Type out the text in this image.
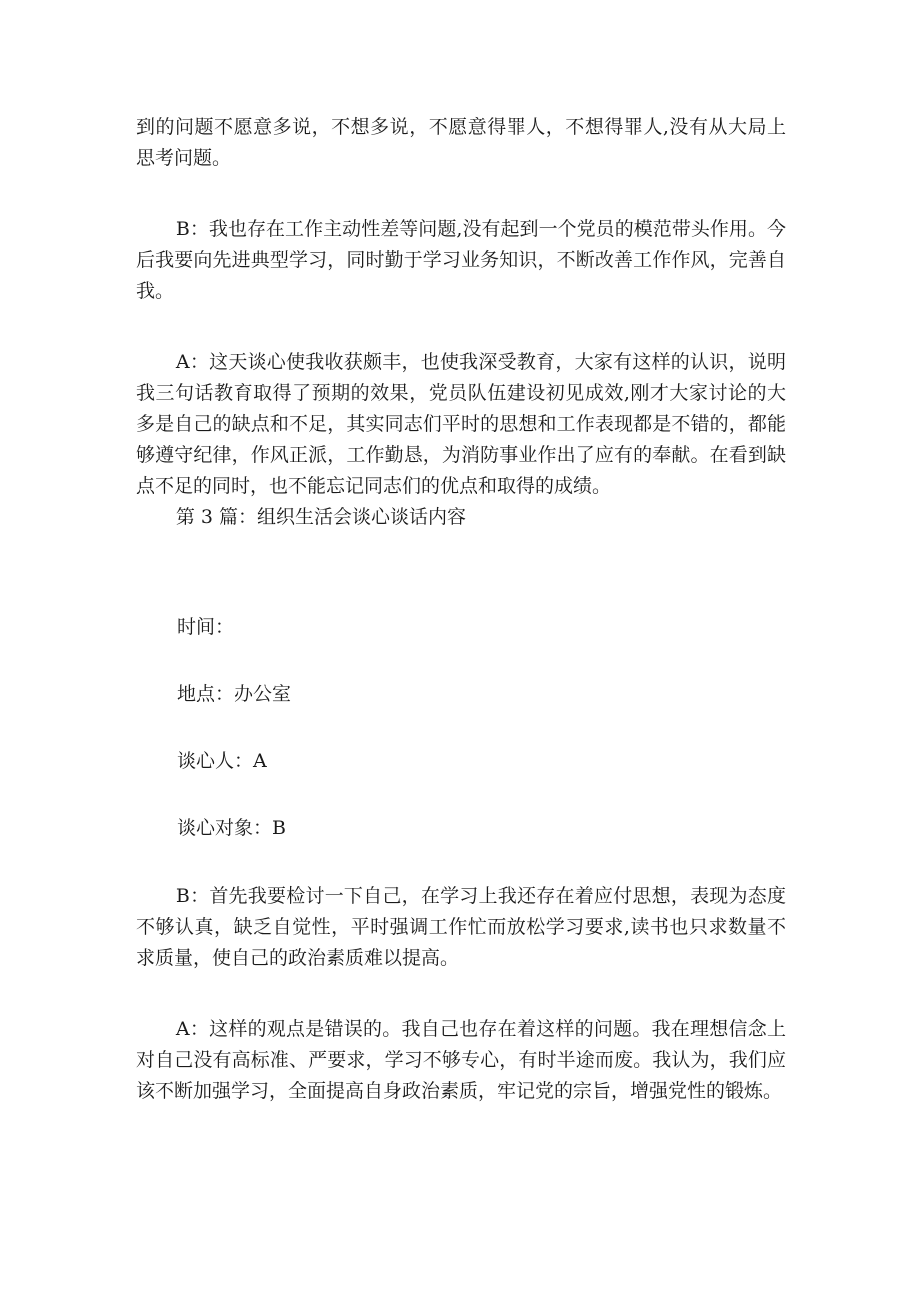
到的问题不愿意多说，不想多说，不愿意得罪人，不想得罪人,没有从大局上思考问题。

B：我也存在工作主动性差等问题,没有起到一个党员的模范带头作用。今后我要向先进典型学习，同时勤于学习业务知识，不断改善工作作风，完善自我。

A：这天谈心使我收获颇丰，也使我深受教育，大家有这样的认识，说明我三句话教育取得了预期的效果，党员队伍建设初见成效,刚才大家讨论的大多是自己的缺点和不足，其实同志们平时的思想和工作表现都是不错的，都能够遵守纪律，作风正派，工作勤恳，为消防事业作出了应有的奉献。在看到缺点不足的同时，也不能忘记同志们的优点和取得的成绩。

第 3 篇：组织生活会谈心谈话内容

时间：

地点：办公室

谈心人：A

谈心对象：B

B：首先我要检讨一下自己，在学习上我还存在着应付思想，表现为态度不够认真，缺乏自觉性，平时强调工作忙而放松学习要求,读书也只求数量不求质量，使自己的政治素质难以提高。

A：这样的观点是错误的。我自己也存在着这样的问题。我在理想信念上对自己没有高标准、严要求，学习不够专心，有时半途而废。我认为，我们应该不断加强学习，全面提高自身政治素质，牢记党的宗旨，增强党性的锻炼。
